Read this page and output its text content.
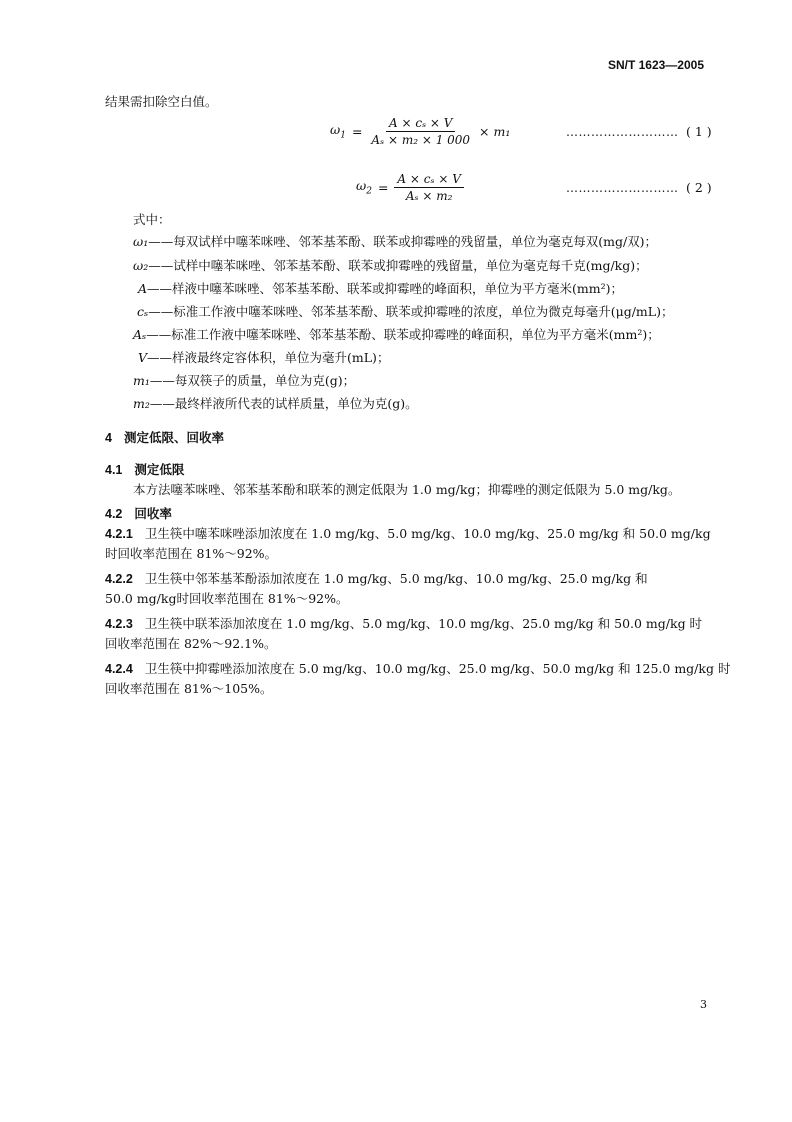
SN/T 1623—2005
结果需扣除空白值。
$\omega_1 = \frac{\text{A × cₛ × V}}{\text{Aₛ × m₂ × 1 000}} \times m_1$	……………………… ( 1 )
$\omega_2 = \frac{\text{A × cₛ × V}}{\text{Aₛ × m₂}}$	……………………… ( 2 )
式中：
ω₁——每双试样中噻苯咪唑、邻苯基苯酚、联苯或抑霉唑的残留量，单位为毫克每双(mg/双)；
ω₂——试样中噻苯咪唑、邻苯基苯酚、联苯或抑霉唑的残留量，单位为毫克每千克(mg/kg)；
A——样液中噻苯咪唑、邻苯基苯酚、联苯或抑霉唑的峰面积，单位为平方毫米(mm²)；
cₛ——标准工作液中噻苯咪唑、邻苯基苯酚、联苯或抑霉唑的浓度，单位为微克每毫升(μg/mL)；
Aₛ——标准工作液中噻苯咪唑、邻苯基苯酚、联苯或抑霉唑的峰面积，单位为平方毫米(mm²)；
V——样液最终定容体积，单位为毫升(mL)；
m₁——每双筷子的质量，单位为克(g)；
m₂——最终样液所代表的试样质量，单位为克(g)。
4 测定低限、回收率
4.1 测定低限
本方法噻苯咪唑、邻苯基苯酚和联苯的测定低限为 1.0 mg/kg；抑霉唑的测定低限为 5.0 mg/kg。
4.2 回收率
4.2.1 卫生筷中噻苯咪唑添加浓度在 1.0 mg/kg、5.0 mg/kg、10.0 mg/kg、25.0 mg/kg 和 50.0 mg/kg
时回收率范围在 81%～92%。
4.2.2 卫生筷中邻苯基苯酚添加浓度在 1.0 mg/kg、5.0 mg/kg、10.0 mg/kg、25.0 mg/kg 和
50.0 mg/kg时回收率范围在 81%～92%。
4.2.3 卫生筷中联苯添加浓度在 1.0 mg/kg、5.0 mg/kg、10.0 mg/kg、25.0 mg/kg 和 50.0 mg/kg 时
回收率范围在 82%～92.1%。
4.2.4 卫生筷中抑霉唑添加浓度在 5.0 mg/kg、10.0 mg/kg、25.0 mg/kg、50.0 mg/kg 和 125.0 mg/kg 时
回收率范围在 81%～105%。
3
